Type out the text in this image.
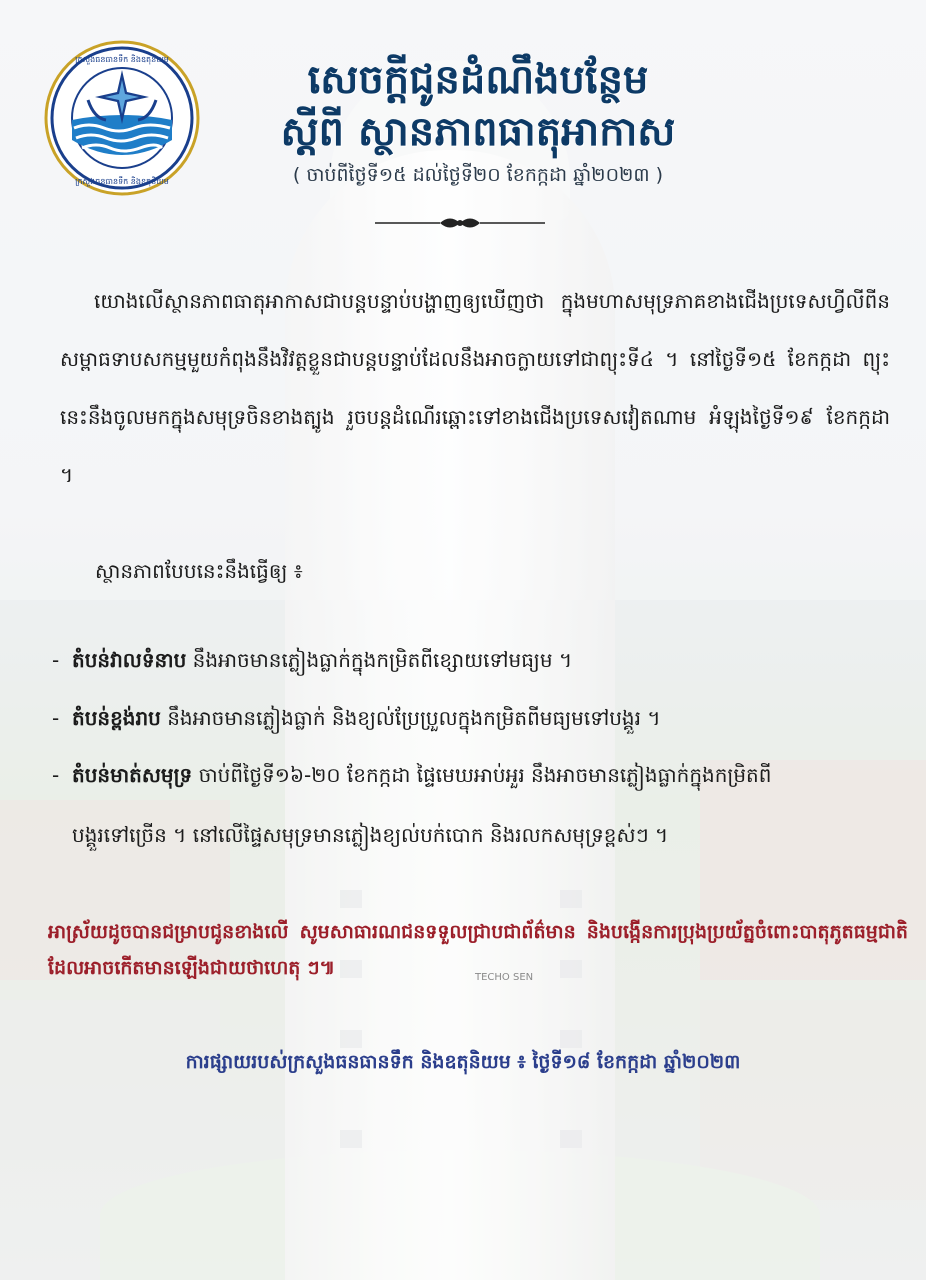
TECHO SEN
ក្រសួងធនធានទឹក និងឧតុនិយម
ក្រសួងធនធានទឹក និងឧតុនិយម
សេចក្តីជូនដំណឹងបន្ថែម
ស្តីពី ស្ថានភាពធាតុអាកាស
( ចាប់ពីថ្ងៃទី១៥ ដល់ថ្ងៃទី២០ ខែកក្កដា ឆ្នាំ២០២៣ )
យោងលើស្ថានភាពធាតុអាកាសជាបន្តបន្ទាប់បង្ហាញឲ្យឃើញថា ក្នុងមហាសមុទ្រភាគខាងជើងប្រទេសហ្វីលីពីន សម្ពាធទាបសកម្មមួយកំពុងនឹងវិវត្តខ្លួនជាបន្តបន្ទាប់ដែលនឹងអាចក្លាយទៅជាព្យុះទី៤ ។ នៅថ្ងៃទី១៥ ខែកក្កដា ព្យុះនេះនឹងចូលមកក្នុងសមុទ្រចិនខាងត្បូង រួចបន្តដំណើរឆ្ពោះទៅខាងជើងប្រទេសវៀតណាម អំឡុងថ្ងៃទី១៩ ខែកក្កដា ។
ស្ថានភាពបែបនេះនឹងធ្វើឲ្យ ៖
- តំបន់វាលទំនាប នឹងអាចមានភ្លៀងធ្លាក់ក្នុងកម្រិតពីខ្សោយទៅមធ្យម ។
- តំបន់ខ្ពង់រាប នឹងអាចមានភ្លៀងធ្លាក់ និងខ្យល់ប្រែប្រួលក្នុងកម្រិតពីមធ្យមទៅបង្គួរ ។
- តំបន់មាត់សមុទ្រ ចាប់ពីថ្ងៃទី១៦-២០ ខែកក្កដា ផ្ទៃមេឃអាប់អួរ នឹងអាចមានភ្លៀងធ្លាក់ក្នុងកម្រិតពី
បង្គួរទៅច្រើន ។ នៅលើផ្ទៃសមុទ្រមានភ្លៀងខ្យល់បក់បោក និងរលកសមុទ្រខ្ពស់ៗ ។
អាស្រ័យដូចបានជម្រាបជូនខាងលើ សូមសាធារណជនទទួលជ្រាបជាព័ត៌មាន និងបង្កើនការប្រុងប្រយ័ត្នចំពោះបាតុភូតធម្មជាតិដែលអាចកើតមានឡើងជាយថាហេតុ ៗ៕
ការផ្សាយរបស់ក្រសួងធនធានទឹក និងឧតុនិយម ៖ ថ្ងៃទី១៨ ខែកក្កដា ឆ្នាំ២០២៣
